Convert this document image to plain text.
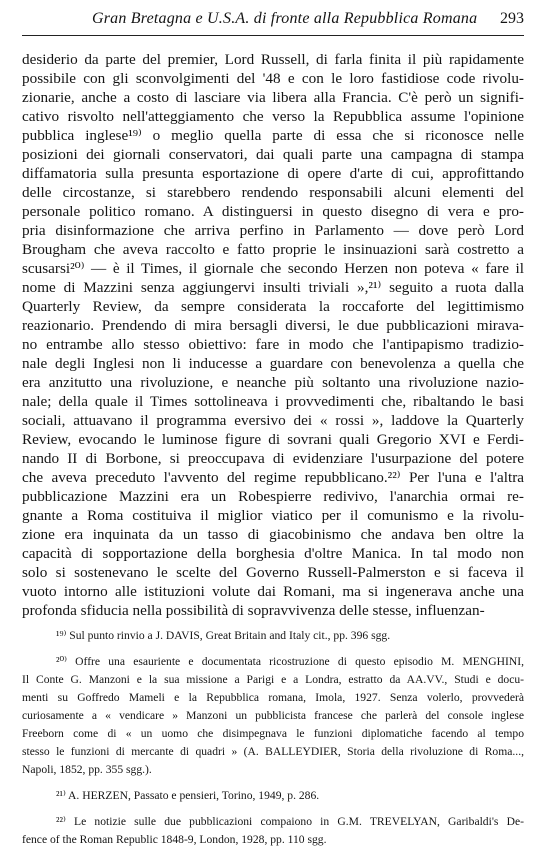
Gran Bretagna e U.S.A. di fronte alla Repubblica Romana 293
desiderio da parte del premier, Lord Russell, di farla finita il più rapidamente
possibile con gli sconvolgimenti del '48 e con le loro fastidiose code rivolu-
zionarie, anche a costo di lasciare via libera alla Francia. C'è però un signifi-
cativo risvolto nell'atteggiamento che verso la Repubblica assume l'opinione
pubblica inglese¹⁹⁾ o meglio quella parte di essa che si riconosce nelle
posizioni dei giornali conservatori, dai quali parte una campagna di stampa
diffamatoria sulla presunta esportazione di opere d'arte di cui, approfittando
delle circostanze, si starebbero rendendo responsabili alcuni elementi del
personale politico romano. A distinguersi in questo disegno di vera e pro-
pria disinformazione che arriva perfino in Parlamento — dove però Lord
Brougham che aveva raccolto e fatto proprie le insinuazioni sarà costretto a
scusarsi²⁰⁾ — è il Times, il giornale che secondo Herzen non poteva « fare il
nome di Mazzini senza aggiungervi insulti triviali »,²¹⁾ seguito a ruota dalla
Quarterly Review, da sempre considerata la roccaforte del legittimismo
reazionario. Prendendo di mira bersagli diversi, le due pubblicazioni mirava-
no entrambe allo stesso obiettivo: fare in modo che l'antipapismo tradizio-
nale degli Inglesi non li inducesse a guardare con benevolenza a quella che
era anzitutto una rivoluzione, e neanche più soltanto una rivoluzione nazio-
nale; della quale il Times sottolineava i provvedimenti che, ribaltando le basi
sociali, attuavano il programma eversivo dei « rossi », laddove la Quarterly
Review, evocando le luminose figure di sovrani quali Gregorio XVI e Ferdi-
nando II di Borbone, si preoccupava di evidenziare l'usurpazione del potere
che aveva preceduto l'avvento del regime repubblicano.²²⁾ Per l'una e l'altra
pubblicazione Mazzini era un Robespierre redivivo, l'anarchia ormai re-
gnante a Roma costituiva il miglior viatico per il comunismo e la rivolu-
zione era inquinata da un tasso di giacobinismo che andava ben oltre la
capacità di sopportazione della borghesia d'oltre Manica. In tal modo non
solo si sostenevano le scelte del Governo Russell-Palmerston e si faceva il
vuoto intorno alle istituzioni volute dai Romani, ma si ingenerava anche una
profonda sfiducia nella possibilità di sopravvivenza delle stesse, influenzan-
¹⁹⁾ Sul punto rinvio a J. DAVIS, Great Britain and Italy cit., pp. 396 sgg.
²⁰⁾ Offre una esauriente e documentata ricostruzione di questo episodio M. MENGHINI,
Il Conte G. Manzoni e la sua missione a Parigi e a Londra, estratto da AA.VV., Studi e docu-
menti su Goffredo Mameli e la Repubblica romana, Imola, 1927. Senza volerlo, provvederà
curiosamente a « vendicare » Manzoni un pubblicista francese che parlerà del console inglese
Freeborn come di « un uomo che disimpegnava le funzioni diplomatiche facendo al tempo
stesso le funzioni di mercante di quadri » (A. BALLEYDIER, Storia della rivoluzione di Roma...,
Napoli, 1852, pp. 355 sgg.).
²¹⁾ A. HERZEN, Passato e pensieri, Torino, 1949, p. 286.
²²⁾ Le notizie sulle due pubblicazioni compaiono in G.M. TREVELYAN, Garibaldi's De-
fence of the Roman Republic 1848-9, London, 1928, pp. 110 sgg.
